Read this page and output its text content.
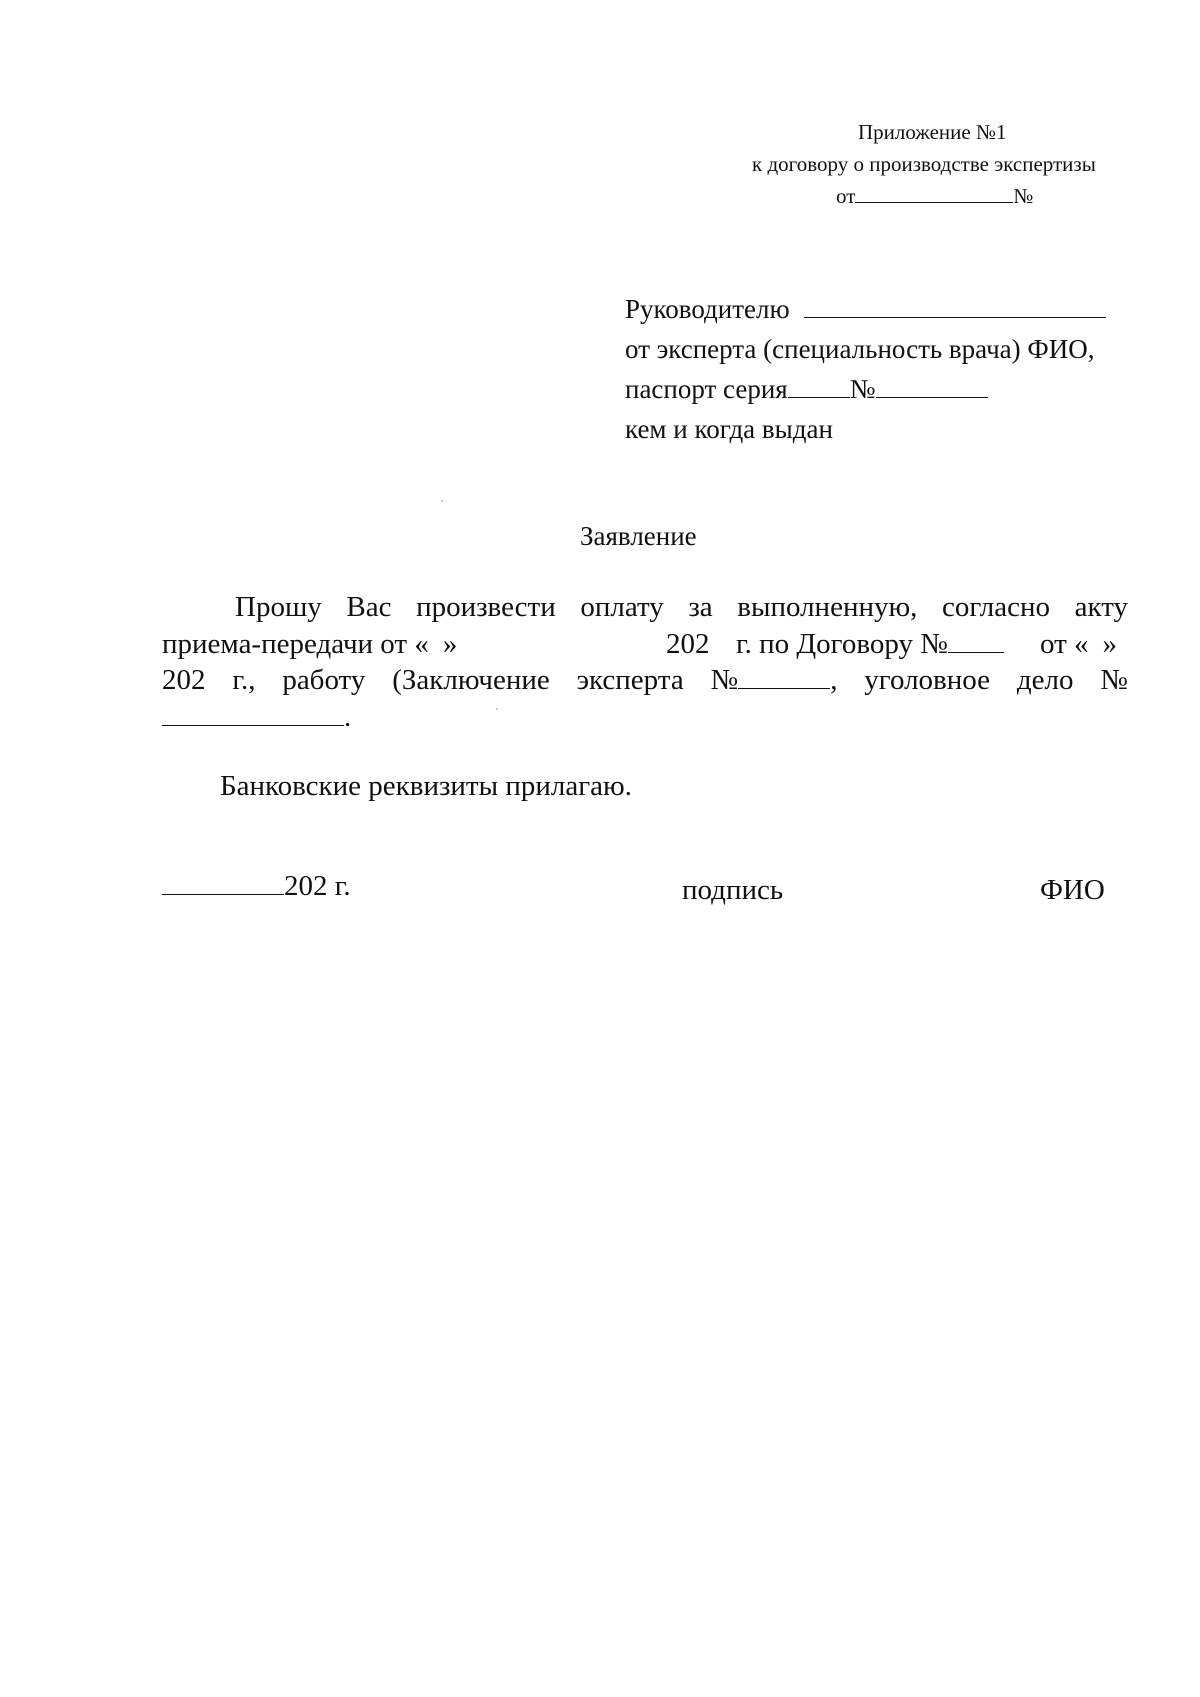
Приложение №1
к договору о производстве экспертизы
от	№
Руководителю
от эксперта (специальность врача) ФИО,
паспорт серия №
кем и когда выдан
Заявление
Прошу Вас произвести оплату за выполненную, согласно акту
приема-передачи от « »	202 г. по Договору №	от « »
202 г., работу (Заключение эксперта №	, уголовное дело №
.
Банковские реквизиты прилагаю.
202 г.	подпись	ФИО
